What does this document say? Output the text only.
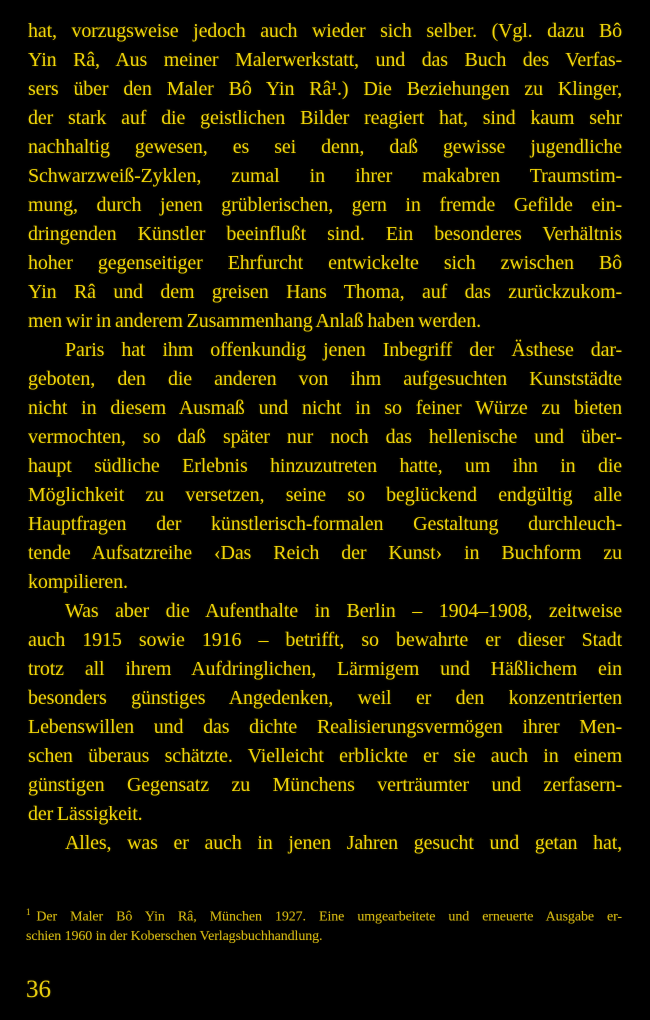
hat, vorzugsweise jedoch auch wieder sich selber. (Vgl. dazu Bô
Yin Râ, Aus meiner Malerwerkstatt, und das Buch des Verfas-
sers über den Maler Bô Yin Râ¹.) Die Beziehungen zu Klinger,
der stark auf die geistlichen Bilder reagiert hat, sind kaum sehr
nachhaltig gewesen, es sei denn, daß gewisse jugendliche
Schwarzweiß-Zyklen, zumal in ihrer makabren Traumstim-
mung, durch jenen grüblerischen, gern in fremde Gefilde ein-
dringenden Künstler beeinflußt sind. Ein besonderes Verhältnis
hoher gegenseitiger Ehrfurcht entwickelte sich zwischen Bô
Yin Râ und dem greisen Hans Thoma, auf das zurückzukom-
men wir in anderem Zusammenhang Anlaß haben werden.
Paris hat ihm offenkundig jenen Inbegriff der Ästhese dar-
geboten, den die anderen von ihm aufgesuchten Kunststädte
nicht in diesem Ausmaß und nicht in so feiner Würze zu bieten
vermochten, so daß später nur noch das hellenische und über-
haupt südliche Erlebnis hinzuzutreten hatte, um ihn in die
Möglichkeit zu versetzen, seine so beglückend endgültig alle
Hauptfragen der künstlerisch-formalen Gestaltung durchleuch-
tende Aufsatzreihe ‹Das Reich der Kunst› in Buchform zu
kompilieren.
Was aber die Aufenthalte in Berlin – 1904–1908, zeitweise
auch 1915 sowie 1916 – betrifft, so bewahrte er dieser Stadt
trotz all ihrem Aufdringlichen, Lärmigem und Häßlichem ein
besonders günstiges Angedenken, weil er den konzentrierten
Lebenswillen und das dichte Realisierungsvermögen ihrer Men-
schen überaus schätzte. Vielleicht erblickte er sie auch in einem
günstigen Gegensatz zu Münchens verträumter und zerfasern-
der Lässigkeit.
Alles, was er auch in jenen Jahren gesucht und getan hat,
$^1$ Der Maler Bô Yin Râ, München 1927. Eine umgearbeitete und erneuerte Ausgabe er-
schien 1960 in der Koberschen Verlagsbuchhandlung.
36
